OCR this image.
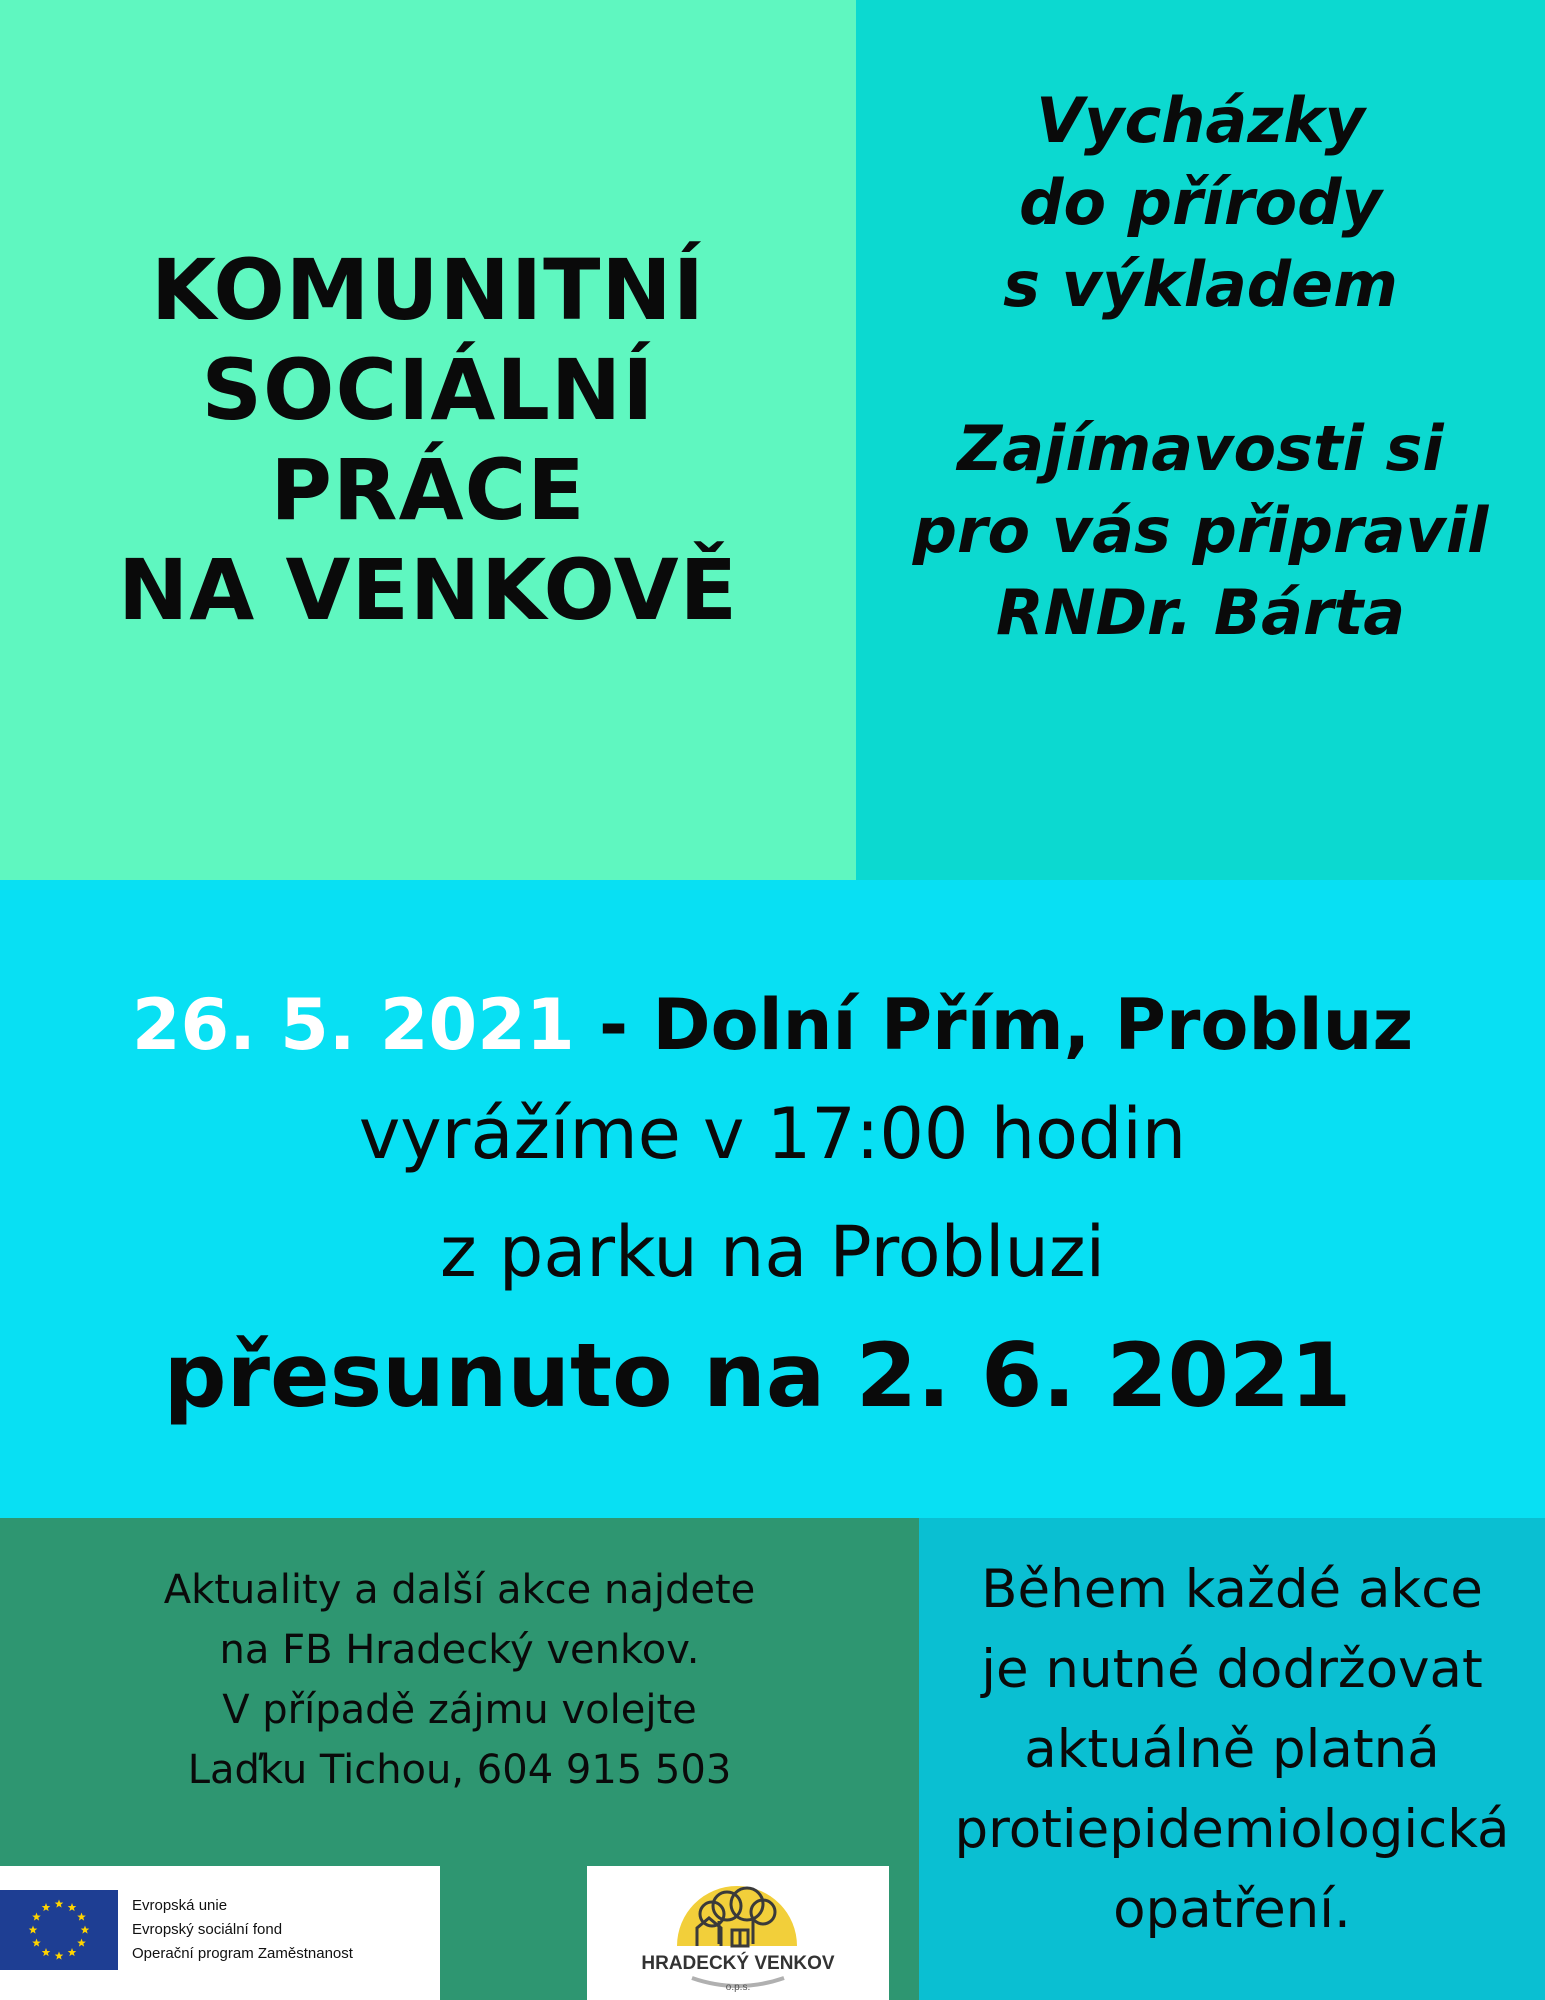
KOMUNITNÍ
SOCIÁLNÍ
PRÁCE
NA VENKOVĚ
Vycházky
do přírody
s výkladem
Zajímavosti si
pro vás připravil
RNDr. Bárta
26. 5. 2021 - Dolní Přím, Probluz
vyrážíme v 17:00 hodin
z parku na Probluzi
přesunuto na 2. 6. 2021
Aktuality a další akce najdete
na FB Hradecký venkov.
V případě zájmu volejte
Laďku Tichou, 604 915 503
Během každé akce
je nutné dodržovat
aktuálně platná
protiepidemiologická
opatření.
Evropská unie
Evropský sociální fond
Operační program Zaměstnanost	HRADECKÝ VENKOV
o.p.s.
